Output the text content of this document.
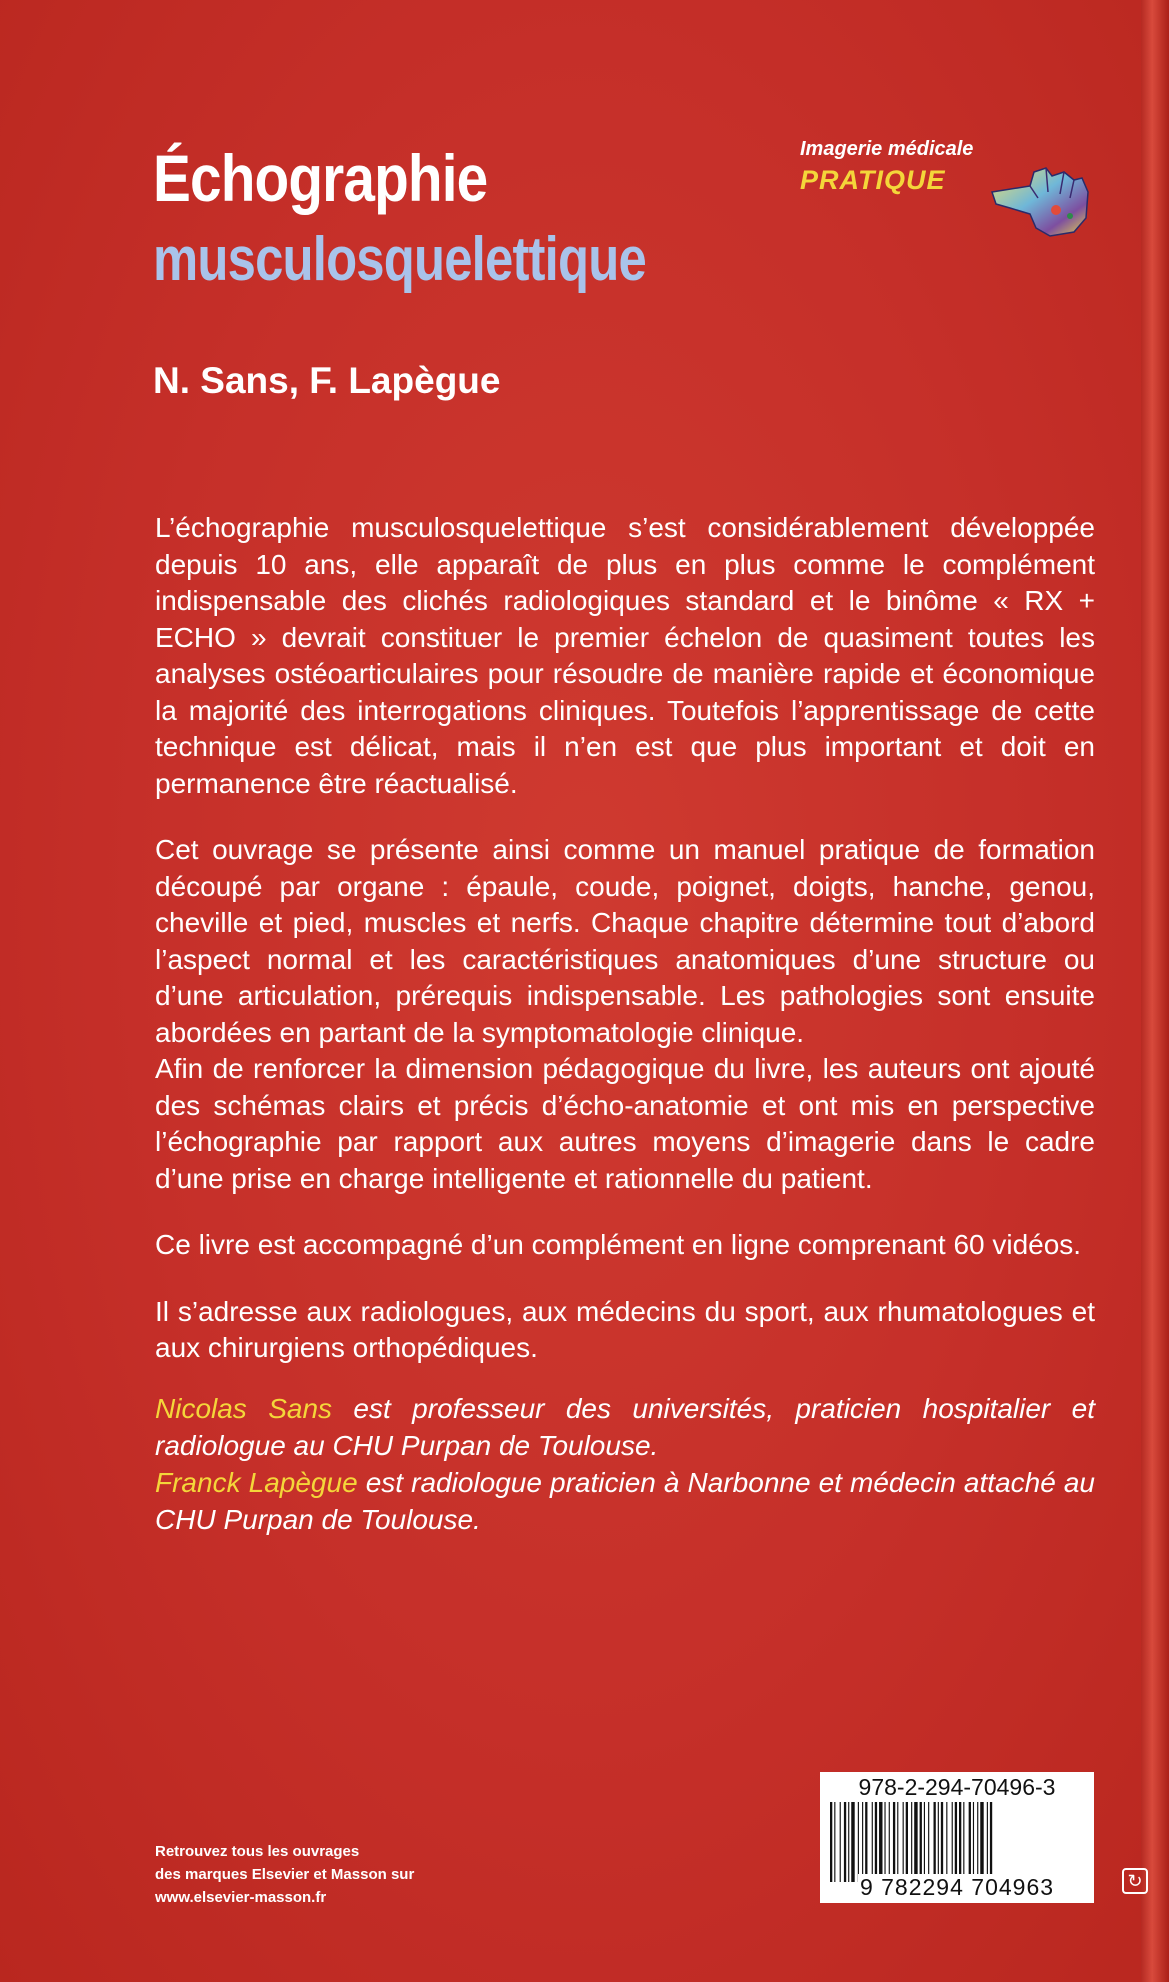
Échographie
musculosquelettique
N. Sans, F. Lapègue
Imagerie médicale
PRATIQUE

L’échographie musculosquelettique s’est considérablement développée depuis 10 ans, elle apparaît de plus en plus comme le complément indispensable des clichés radiologiques standard et le binôme « RX + ECHO » devrait constituer le premier échelon de quasiment toutes les analyses ostéoarticulaires pour résoudre de manière rapide et économique la majorité des interrogations cliniques. Toutefois l’apprentissage de cette technique est délicat, mais il n’en est que plus important et doit en permanence être réactualisé.

Cet ouvrage se présente ainsi comme un manuel pratique de formation découpé par organe : épaule, coude, poignet, doigts, hanche, genou, cheville et pied, muscles et nerfs. Chaque chapitre détermine tout d’abord l’aspect normal et les caractéristiques anatomiques d’une structure ou d’une articulation, prérequis indispensable. Les pathologies sont ensuite abordées en partant de la symptomatologie clinique.

Afin de renforcer la dimension pédagogique du livre, les auteurs ont ajouté des schémas clairs et précis d’écho-anatomie et ont mis en perspective l’échographie par rapport aux autres moyens d’imagerie dans le cadre d’une prise en charge intelligente et rationnelle du patient.

Ce livre est accompagné d’un complément en ligne comprenant 60 vidéos.

Il s’adresse aux radiologues, aux médecins du sport, aux rhumatologues et aux chirurgiens orthopédiques.

Nicolas Sans est professeur des universités, praticien hospitalier et radiologue au CHU Purpan de Toulouse.

Franck Lapègue est radiologue praticien à Narbonne et médecin attaché au CHU Purpan de Toulouse.

Retrouvez tous les ouvrages
des marques Elsevier et Masson sur
www.elsevier-masson.fr
978-2-294-70496-3
9 782294 704963	↻
